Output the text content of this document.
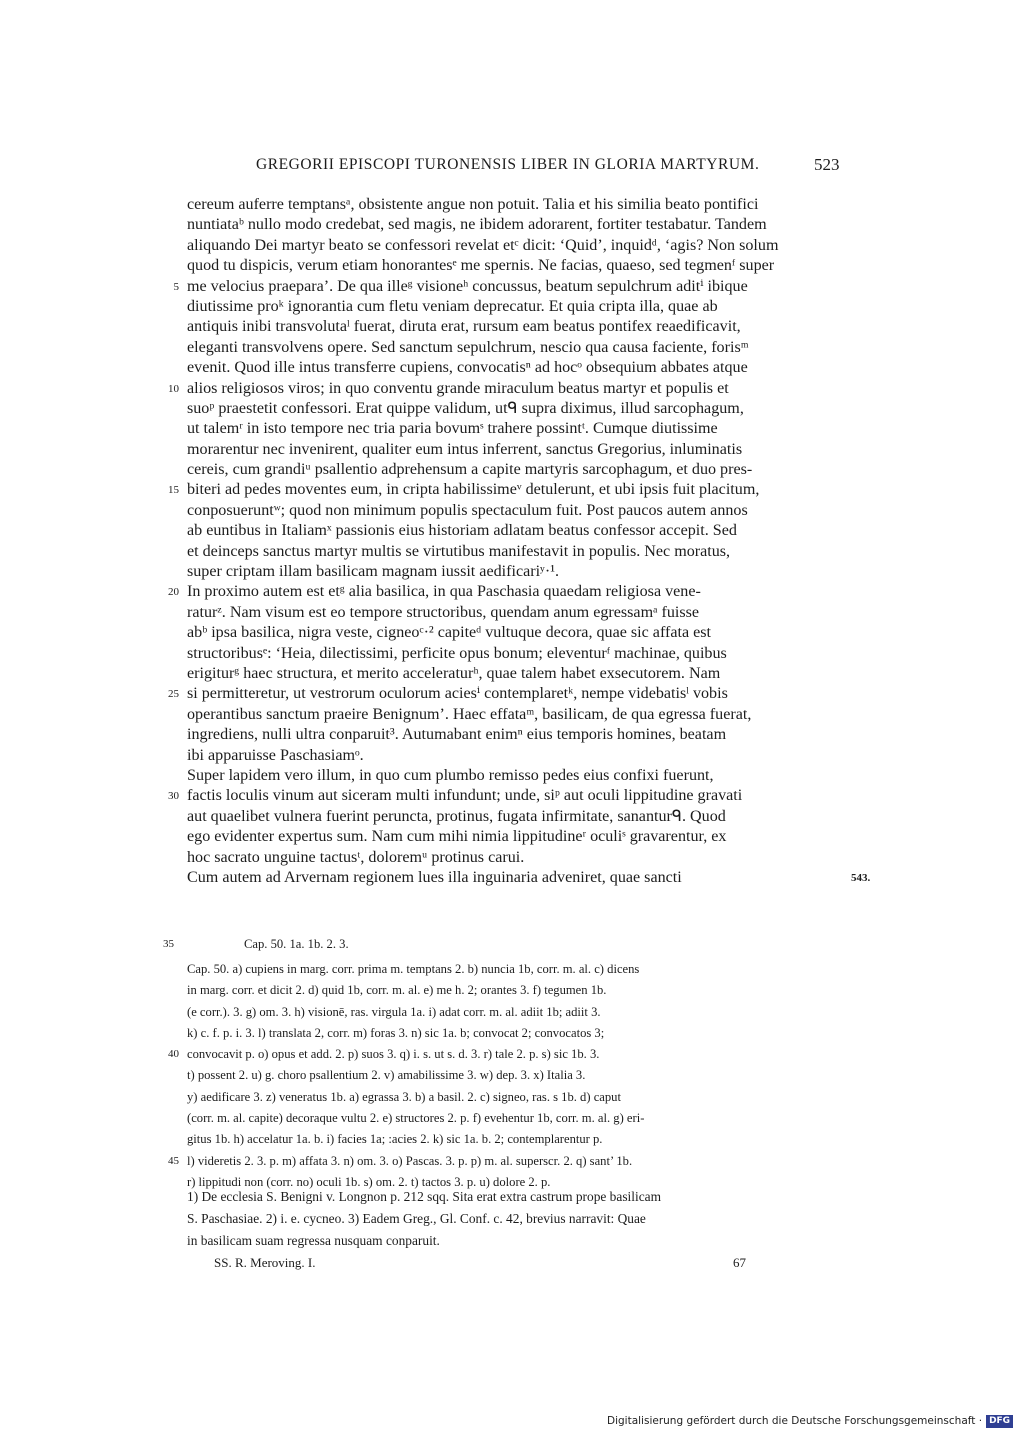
GREGORII EPISCOPI TURONENSIS LIBER IN GLORIA MARTYRUM.	523
cereum auferre temptansᵃ, obsistente angue non potuit. Talia et his similia beato pontifici
nuntiataᵇ nullo modo credebat, sed magis, ne ibidem adorarent, fortiter testabatur. Tandem
aliquando Dei martyr beato se confessori revelat etᶜ dicit: ‘Quid’, inquidᵈ, ‘agis? Non solum
quod tu dispicis, verum etiam honorantesᵉ me spernis. Ne facias, quaeso, sed tegmenᶠ super
me velocius praepara’. De qua illeᵍ visioneʰ concussus, beatum sepulchrum aditⁱ ibique
5
diutissime proᵏ ignorantia cum fletu veniam deprecatur. Et quia cripta illa, quae ab
antiquis inibi transvolutaˡ fuerat, diruta erat, rursum eam beatus pontifex reaedificavit,
eleganti transvolvens opere. Sed sanctum sepulchrum, nescio qua causa faciente, forisᵐ
evenit. Quod ille intus transferre cupiens, convocatisⁿ ad hocᵒ obsequium abbates atque
alios religiosos viros; in quo conventu grande miraculum beatus martyr et populis et
10
suoᵖ praestetit confessori. Erat quippe validum, utᑫ supra diximus, illud sarcophagum,
ut talemʳ in isto tempore nec tria paria bovumˢ trahere possintᵗ. Cumque diutissime
morarentur nec invenirent, qualiter eum intus inferrent, sanctus Gregorius, inluminatis
cereis, cum grandiᵘ psallentio adprehensum a capite martyris sarcophagum, et duo pres-
biteri ad pedes moventes eum, in cripta habilissimeᵛ detulerunt, et ubi ipsis fuit placitum,
15
conposueruntʷ; quod non minimum populis spectaculum fuit. Post paucos autem annos
ab euntibus in Italiamˣ passionis eius historiam adlatam beatus confessor accepit. Sed
et deinceps sanctus martyr multis se virtutibus manifestavit in populis. Nec moratus,
super criptam illam basilicam magnam iussit aedificariʸ·¹.
In proximo autem est etᵍ alia basilica, in qua Paschasia quaedam religiosa vene-
20
raturᶻ. Nam visum est eo tempore structoribus, quendam anum egressamᵃ fuisse
abᵇ ipsa basilica, nigra veste, cigneoᶜ·² capiteᵈ vultuque decora, quae sic affata est
structoribusᵉ: ‘Heia, dilectissimi, perficite opus bonum; eleventurᶠ machinae, quibus
erigiturᵍ haec structura, et merito acceleraturʰ, quae talem habet exsecutorem. Nam
si permitteretur, ut vestrorum oculorum aciesⁱ contemplaretᵏ, nempe videbatisˡ vobis
25
operantibus sanctum praeire Benignum’. Haec effataᵐ, basilicam, de qua egressa fuerat,
ingrediens, nulli ultra conparuit³. Autumabant enimⁿ eius temporis homines, beatam
ibi apparuisse Paschasiamᵒ.
Super lapidem vero illum, in quo cum plumbo remisso pedes eius confixi fuerunt,
factis loculis vinum aut siceram multi infundunt; unde, siᵖ aut oculi lippitudine gravati
30
aut quaelibet vulnera fuerint peruncta, protinus, fugata infirmitate, sananturᑫ. Quod
ego evidenter expertus sum. Nam cum mihi nimia lippitudineʳ oculiˢ gravarentur, ex
hoc sacrato unguine tactusᵗ, doloremᵘ protinus carui.
Cum autem ad Arvernam regionem lues illa inguinaria adveniret, quae sancti	543.
35	Cap. 50. 1a. 1b. 2. 3.
Cap. 50. a) cupiens in marg. corr. prima m. temptans 2. b) nuncia 1b, corr. m. al. c) dicens
in marg. corr. et dicit 2. d) quid 1b, corr. m. al. e) me h. 2; orantes 3. f) tegumen 1b.
(e corr.). 3. g) om. 3. h) visionē, ras. virgula 1a. i) adat corr. m. al. adiit 1b; adiit 3.
k) c. f. p. i. 3. l) translata 2, corr. m) foras 3. n) sic 1a. b; convocat 2; convocatos 3;
convocavit p. o) opus et add. 2. p) suos 3. q) i. s. ut s. d. 3. r) tale 2. p. s) sic 1b. 3.
40
t) possent 2. u) g. choro psallentium 2. v) amabilissime 3. w) dep. 3. x) Italia 3.
y) aedificare 3. z) veneratus 1b. a) egrassa 3. b) a basil. 2. c) signeo, ras. s 1b. d) caput
(corr. m. al. capite) decoraque vultu 2. e) structores 2. p. f) evehentur 1b, corr. m. al. g) eri-
gitus 1b. h) accelatur 1a. b. i) facies 1a; :acies 2. k) sic 1a. b. 2; contemplarentur p.
l) videretis 2. 3. p. m) affata 3. n) om. 3. o) Pascas. 3. p. p) m. al. superscr. 2. q) sant’ 1b.
45
r) lippitudi non (corr. no) oculi 1b. s) om. 2. t) tactos 3. p. u) dolore 2. p.
1) De ecclesia S. Benigni v. Longnon p. 212 sqq. Sita erat extra castrum prope basilicam
S. Paschasiae. 2) i. e. cycneo. 3) Eadem Greg., Gl. Conf. c. 42, brevius narravit: Quae
in basilicam suam regressa nusquam conparuit.
SS. R. Meroving. I.	67
Digitalisierung gefördert durch die Deutsche Forschungsgemeinschaft · DFG
